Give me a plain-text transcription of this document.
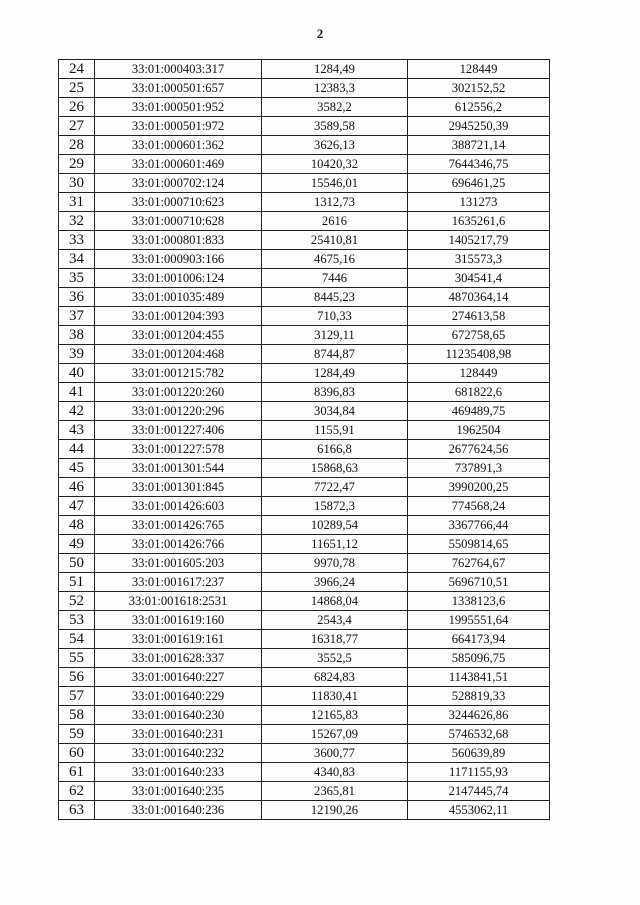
2
24	33:01:000403:317	1284,49	128449
25	33:01:000501:657	12383,3	302152,52
26	33:01:000501:952	3582,2	612556,2
27	33:01:000501:972	3589,58	2945250,39
28	33:01:000601:362	3626,13	388721,14
29	33:01:000601:469	10420,32	7644346,75
30	33:01:000702:124	15546,01	696461,25
31	33:01:000710:623	1312,73	131273
32	33:01:000710:628	2616	1635261,6
33	33:01:000801:833	25410,81	1405217,79
34	33:01:000903:166	4675,16	315573,3
35	33:01:001006:124	7446	304541,4
36	33:01:001035:489	8445,23	4870364,14
37	33:01:001204:393	710,33	274613,58
38	33:01:001204:455	3129,11	672758,65
39	33:01:001204:468	8744,87	11235408,98
40	33:01:001215:782	1284,49	128449
41	33:01:001220:260	8396,83	681822,6
42	33:01:001220:296	3034,84	469489,75
43	33:01:001227:406	1155,91	1962504
44	33:01:001227:578	6166,8	2677624,56
45	33:01:001301:544	15868,63	737891,3
46	33:01:001301:845	7722,47	3990200,25
47	33:01:001426:603	15872,3	774568,24
48	33:01:001426:765	10289,54	3367766,44
49	33:01:001426:766	11651,12	5509814,65
50	33:01:001605:203	9970,78	762764,67
51	33:01:001617:237	3966,24	5696710,51
52	33:01:001618:2531	14868,04	1338123,6
53	33:01:001619:160	2543,4	1995551,64
54	33:01:001619:161	16318,77	664173,94
55	33:01:001628:337	3552,5	585096,75
56	33:01:001640:227	6824,83	1143841,51
57	33:01:001640:229	11830,41	528819,33
58	33:01:001640:230	12165,83	3244626,86
59	33:01:001640:231	15267,09	5746532,68
60	33:01:001640:232	3600,77	560639,89
61	33:01:001640:233	4340,83	1171155,93
62	33:01:001640:235	2365,81	2147445,74
63	33:01:001640:236	12190,26	4553062,11
